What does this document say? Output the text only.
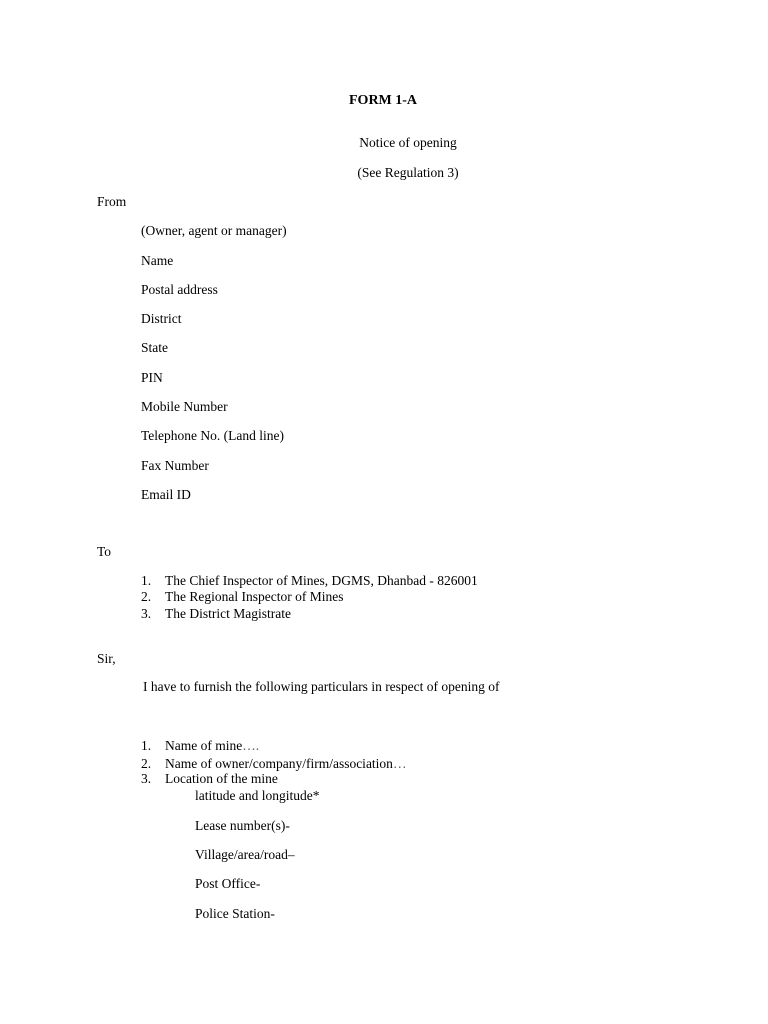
FORM 1-A
Notice of opening
(See Regulation 3)
From
(Owner, agent or manager)
Name
Postal address
District
State
PIN
Mobile Number
Telephone No. (Land line)
Fax Number
Email ID
To
1. The Chief Inspector of Mines, DGMS, Dhanbad - 826001
2. The Regional Inspector of Mines
3. The District Magistrate
Sir,
I have to furnish the following particulars in respect of opening of
1. Name of mine….
2. Name of owner/company/firm/association…
3. Location of the mine
latitude and longitude*
Lease number(s)-
Village/area/road–
Post Office-
Police Station-
